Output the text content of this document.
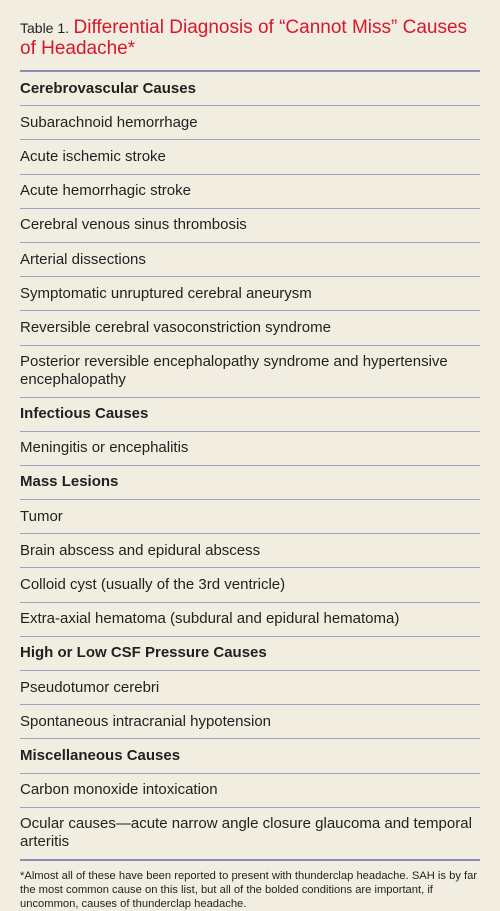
Table 1. Differential Diagnosis of “Cannot Miss” Causes of Headache*
Cerebrovascular Causes
Subarachnoid hemorrhage
Acute ischemic stroke
Acute hemorrhagic stroke
Cerebral venous sinus thrombosis
Arterial dissections
Symptomatic unruptured cerebral aneurysm
Reversible cerebral vasoconstriction syndrome
Posterior reversible encephalopathy syndrome and hypertensive encephalopathy
Infectious Causes
Meningitis or encephalitis
Mass Lesions
Tumor
Brain abscess and epidural abscess
Colloid cyst (usually of the 3rd ventricle)
Extra-axial hematoma (subdural and epidural hematoma)
High or Low CSF Pressure Causes
Pseudotumor cerebri
Spontaneous intracranial hypotension
Miscellaneous Causes
Carbon monoxide intoxication
Ocular causes—acute narrow angle closure glaucoma and temporal arteritis
*Almost all of these have been reported to present with thunderclap headache. SAH is by far the most common cause on this list, but all of the bolded conditions are important, if uncommon, causes of thunderclap headache.
